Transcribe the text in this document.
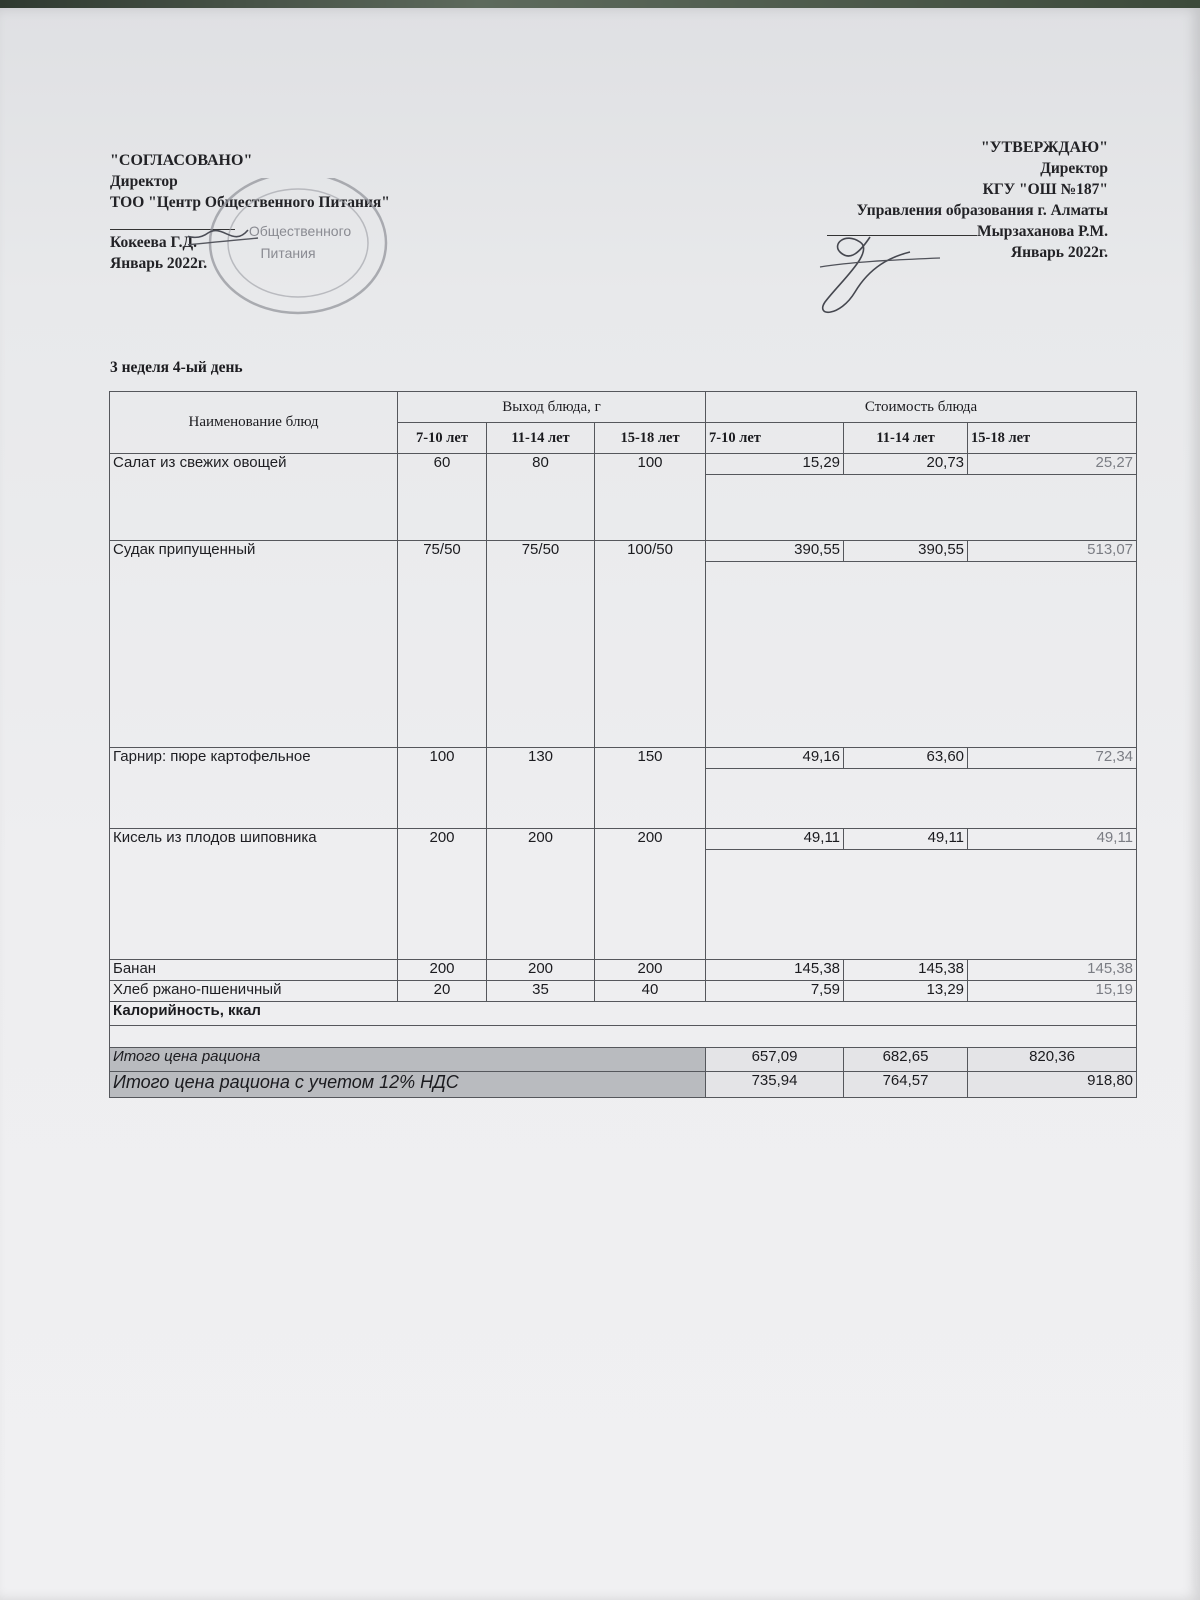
"СОГЛАСОВАНО"
Директор
ТОО "Центр Общественного Питания"
Кокеева Г.Д.
Январь 2022г.
Общественного
Питания
"УТВЕРЖДАЮ"
Директор
КГУ "ОШ №187"
Управления образования г. Алматы
Мырзаханова Р.М.
Январь 2022г.
3 неделя 4-ый день
Наименование блюд	Выход блюда, г			Стоимость блюда		
	7-10 лет	11-14 лет	15-18 лет	7-10 лет	11-14 лет	15-18 лет
Салат из свежих овощей	60	80	100	15,29	20,73	25,27

Судак припущенный	75/50	75/50	100/50	390,55	390,55	513,07

Гарнир: пюре картофельное	100	130	150	49,16	63,60	72,34

Кисель из плодов шиповника	200	200	200	49,11	49,11	49,11

Банан	200	200	200	145,38	145,38	145,38
Хлеб ржано-пшеничный	20	35	40	7,59	13,29	15,19
Калорийность, ккал						

Итого цена рациона				657,09	682,65	820,36
Итого цена рациона с учетом 12% НДС				735,94	764,57	918,80
